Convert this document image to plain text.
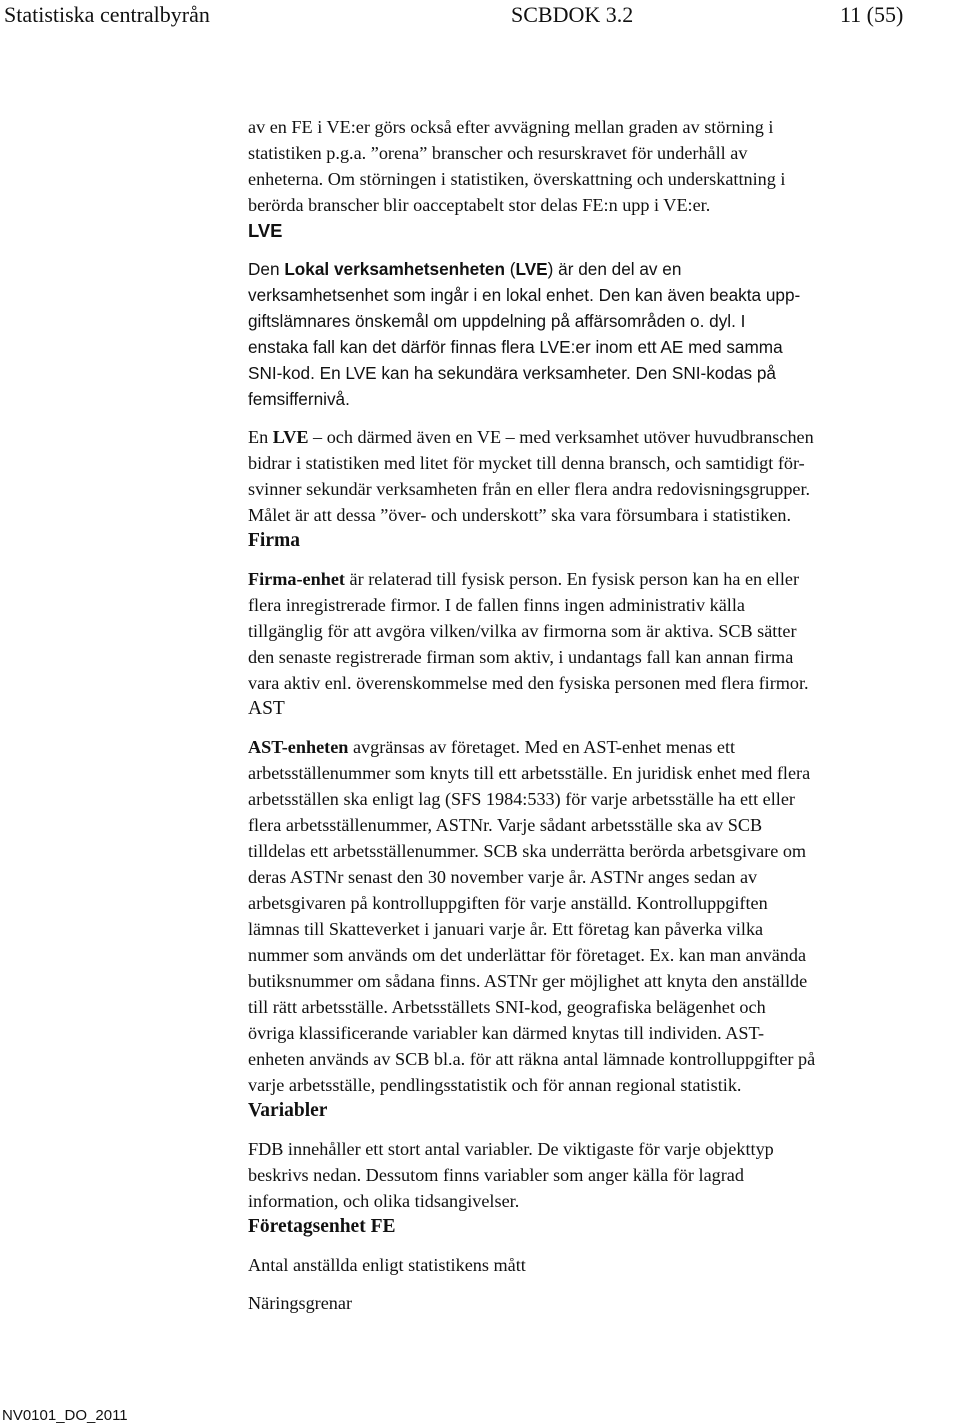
Statistiska centralbyrån	SCBDOK 3.2	11 (55)

av en FE i VE:er görs också efter avvägning mellan graden av störning i
statistiken p.g.a. ”orena” branscher och resurskravet för underhåll av
enheterna. Om störningen i statistiken, överskattning och underskattning i
berörda branscher blir oacceptabelt stor delas FE:n upp i VE:er.

LVE

Den Lokal verksamhetsenheten (LVE) är den del av en
verksamhetsenhet som ingår i en lokal enhet. Den kan även beakta upp-
giftslämnares önskemål om uppdelning på affärsområden o. dyl. I
enstaka fall kan det därför finnas flera LVE:er inom ett AE med samma
SNI-kod. En LVE kan ha sekundära verksamheter. Den SNI-kodas på
femsiffernivå.

En LVE – och därmed även en VE – med verksamhet utöver huvudbranschen
bidrar i statistiken med litet för mycket till denna bransch, och samtidigt för-
svinner sekundär verksamheten från en eller flera andra redovisningsgrupper.
Målet är att dessa ”över- och underskott” ska vara försumbara i statistiken.

Firma

Firma-enhet är relaterad till fysisk person. En fysisk person kan ha en eller
flera inregistrerade firmor. I de fallen finns ingen administrativ källa
tillgänglig för att avgöra vilken/vilka av firmorna som är aktiva. SCB sätter
den senaste registrerade firman som aktiv, i undantags fall kan annan firma
vara aktiv enl. överenskommelse med den fysiska personen med flera firmor.

AST

AST-enheten avgränsas av företaget. Med en AST-enhet menas ett
arbetsställenummer som knyts till ett arbetsställe. En juridisk enhet med flera
arbetsställen ska enligt lag (SFS 1984:533) för varje arbetsställe ha ett eller
flera arbetsställenummer, ASTNr. Varje sådant arbetsställe ska av SCB
tilldelas ett arbetsställenummer. SCB ska underrätta berörda arbetsgivare om
deras ASTNr senast den 30 november varje år. ASTNr anges sedan av
arbetsgivaren på kontrolluppgiften för varje anställd. Kontrolluppgiften
lämnas till Skatteverket i januari varje år. Ett företag kan påverka vilka
nummer som används om det underlättar för företaget. Ex. kan man använda
butiksnummer om sådana finns. ASTNr ger möjlighet att knyta den anställde
till rätt arbetsställe. Arbetsställets SNI-kod, geografiska belägenhet och
övriga klassificerande variabler kan därmed knytas till individen. AST-
enheten används av SCB bl.a. för att räkna antal lämnade kontrolluppgifter på
varje arbetsställe, pendlingsstatistik och för annan regional statistik.

Variabler

FDB innehåller ett stort antal variabler. De viktigaste för varje objekttyp
beskrivs nedan. Dessutom finns variabler som anger källa för lagrad
information, och olika tidsangivelser.

Företagsenhet FE

Antal anställda enligt statistikens mått

Näringsgrenar

NV0101_DO_2011
